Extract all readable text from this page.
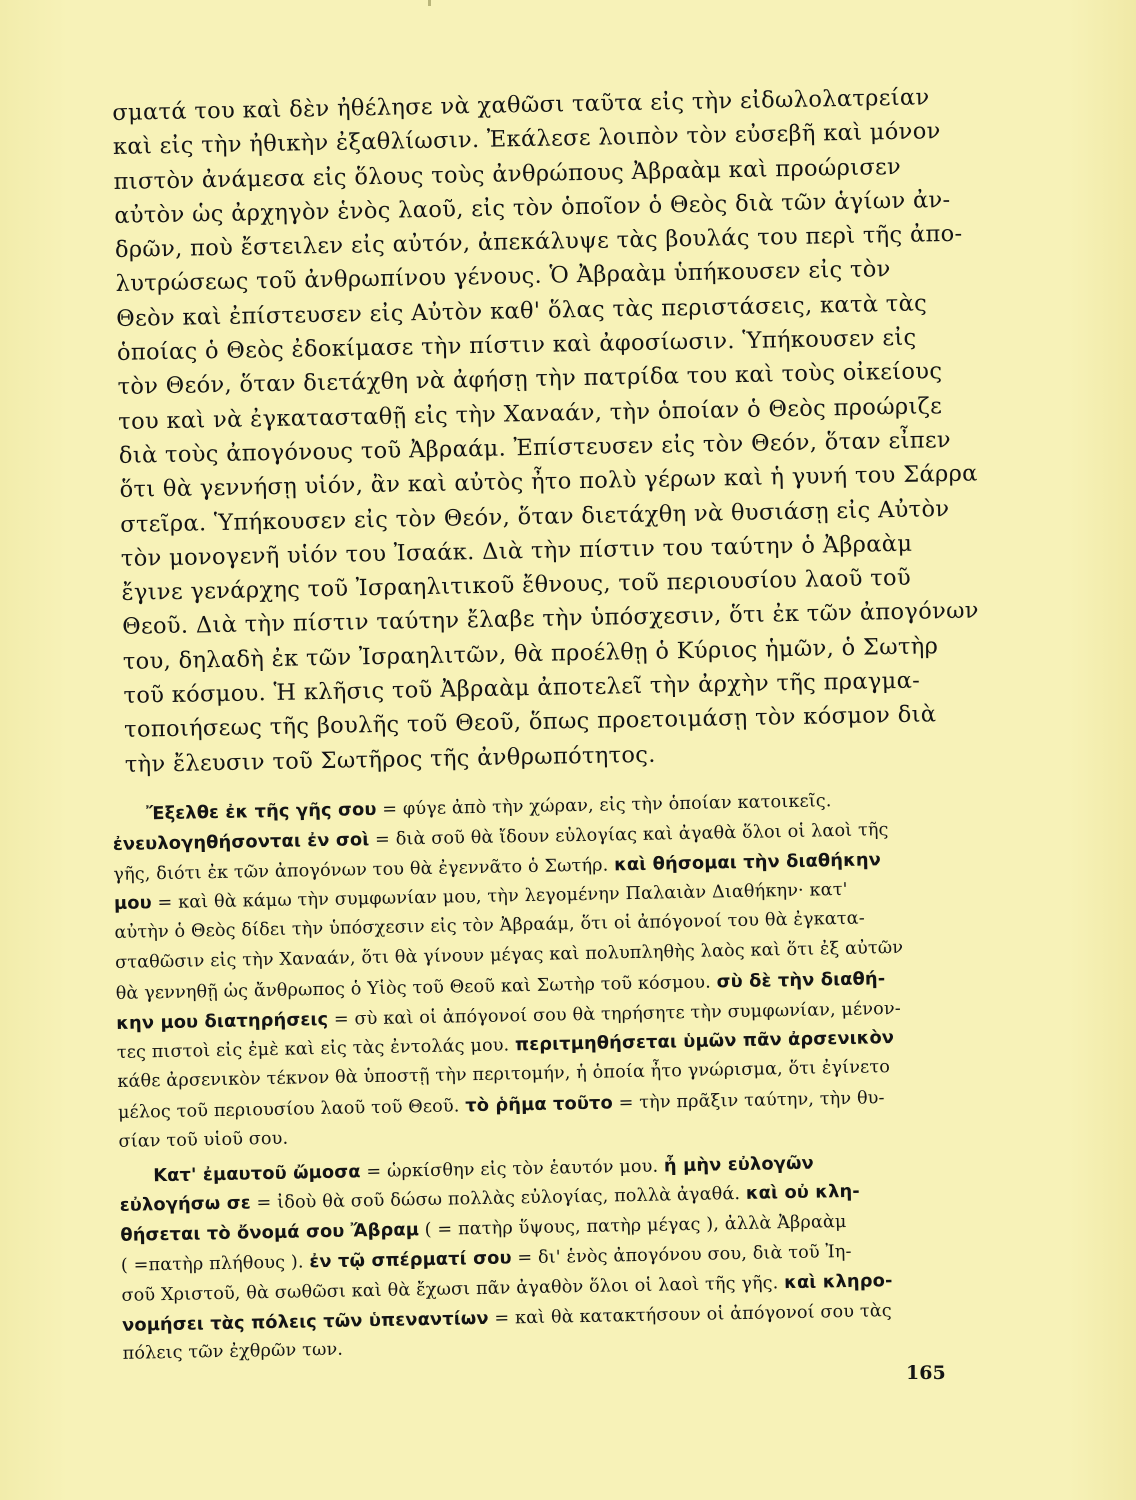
σματά του καὶ δὲν ἠθέλησε νὰ χαθῶσι ταῦτα εἰς τὴν εἰδωλολατρείαν
καὶ εἰς τὴν ἠθικὴν ἐξαθλίωσιν. Ἐκάλεσε λοιπὸν τὸν εὐσεβῆ καὶ μόνον
πιστὸν ἀνάμεσα εἰς ὅλους τοὺς ἀνθρώπους Ἀβραὰμ καὶ προώρισεν
αὐτὸν ὡς ἀρχηγὸν ἑνὸς λαοῦ, εἰς τὸν ὁποῖον ὁ Θεὸς διὰ τῶν ἁγίων ἀν-
δρῶν, ποὺ ἔστειλεν εἰς αὐτόν, ἀπεκάλυψε τὰς βουλάς του περὶ τῆς ἀπο-
λυτρώσεως τοῦ ἀνθρωπίνου γένους. Ὁ Ἀβραὰμ ὑπήκουσεν εἰς τὸν
Θεὸν καὶ ἐπίστευσεν εἰς Αὐτὸν καθ' ὅλας τὰς περιστάσεις, κατὰ τὰς
ὁποίας ὁ Θεὸς ἐδοκίμασε τὴν πίστιν καὶ ἀφοσίωσιν. Ὑπήκουσεν εἰς
τὸν Θεόν, ὅταν διετάχθη νὰ ἀφήσῃ τὴν πατρίδα του καὶ τοὺς οἰκείους
του καὶ νὰ ἐγκατασταθῇ εἰς τὴν Χαναάν, τὴν ὁποίαν ὁ Θεὸς προώριζε
διὰ τοὺς ἀπογόνους τοῦ Ἀβραάμ. Ἐπίστευσεν εἰς τὸν Θεόν, ὅταν εἶπεν
ὅτι θὰ γεννήσῃ υἱόν, ἂν καὶ αὐτὸς ἦτο πολὺ γέρων καὶ ἡ γυνή του Σάρρα
στεῖρα. Ὑπήκουσεν εἰς τὸν Θεόν, ὅταν διετάχθη νὰ θυσιάσῃ εἰς Αὐτὸν
τὸν μονογενῆ υἱόν του Ἰσαάκ. Διὰ τὴν πίστιν του ταύτην ὁ Ἀβραὰμ
ἔγινε γενάρχης τοῦ Ἰσραηλιτικοῦ ἔθνους, τοῦ περιουσίου λαοῦ τοῦ
Θεοῦ. Διὰ τὴν πίστιν ταύτην ἔλαβε τὴν ὑπόσχεσιν, ὅτι ἐκ τῶν ἀπογόνων
του, δηλαδὴ ἐκ τῶν Ἰσραηλιτῶν, θὰ προέλθῃ ὁ Κύριος ἡμῶν, ὁ Σωτὴρ
τοῦ κόσμου. Ἡ κλῆσις τοῦ Ἀβραὰμ ἀποτελεῖ τὴν ἀρχὴν τῆς πραγμα-
τοποιήσεως τῆς βουλῆς τοῦ Θεοῦ, ὅπως προετοιμάσῃ τὸν κόσμον διὰ
τὴν ἔλευσιν τοῦ Σωτῆρος τῆς ἀνθρωπότητος.
Ἔξελθε ἐκ τῆς γῆς σου = φύγε ἀπὸ τὴν χώραν, εἰς τὴν ὁποίαν κατοικεῖς.
ἐνευλογηθήσονται ἐν σοὶ = διὰ σοῦ θὰ ἴδουν εὐλογίας καὶ ἀγαθὰ ὅλοι οἱ λαοὶ τῆς
γῆς, διότι ἐκ τῶν ἀπογόνων του θὰ ἐγεννᾶτο ὁ Σωτήρ. καὶ θήσομαι τὴν διαθήκην
μου = καὶ θὰ κάμω τὴν συμφωνίαν μου, τὴν λεγομένην Παλαιὰν Διαθήκην· κατ'
αὐτὴν ὁ Θεὸς δίδει τὴν ὑπόσχεσιν εἰς τὸν Ἀβραάμ, ὅτι οἱ ἀπόγονοί του θὰ ἐγκατα-
σταθῶσιν εἰς τὴν Χαναάν, ὅτι θὰ γίνουν μέγας καὶ πολυπληθὴς λαὸς καὶ ὅτι ἐξ αὐτῶν
θὰ γεννηθῇ ὡς ἄνθρωπος ὁ Υἱὸς τοῦ Θεοῦ καὶ Σωτὴρ τοῦ κόσμου. σὺ δὲ τὴν διαθή-
κην μου διατηρήσεις = σὺ καὶ οἱ ἀπόγονοί σου θὰ τηρήσητε τὴν συμφωνίαν, μένον-
τες πιστοὶ εἰς ἐμὲ καὶ εἰς τὰς ἐντολάς μου. περιτμηθήσεται ὑμῶν πᾶν ἀρσενικὸν
κάθε ἀρσενικὸν τέκνον θὰ ὑποστῇ τὴν περιτομήν, ἡ ὁποία ἦτο γνώρισμα, ὅτι ἐγίνετο
μέλος τοῦ περιουσίου λαοῦ τοῦ Θεοῦ. τὸ ῥῆμα τοῦτο = τὴν πρᾶξιν ταύτην, τὴν θυ-
σίαν τοῦ υἱοῦ σου.
Κατ' ἐμαυτοῦ ὤμοσα = ὡρκίσθην εἰς τὸν ἑαυτόν μου. ἦ μὴν εὐλογῶν
εὐλογήσω σε = ἰδοὺ θὰ σοῦ δώσω πολλὰς εὐλογίας, πολλὰ ἀγαθά. καὶ οὐ κλη-
θήσεται τὸ ὄνομά σου Ἄβραμ ( = πατὴρ ὕψους, πατὴρ μέγας ), ἀλλὰ Ἀβραὰμ
( =πατὴρ πλήθους ). ἐν τῷ σπέρματί σου = δι' ἑνὸς ἀπογόνου σου, διὰ τοῦ Ἰη-
σοῦ Χριστοῦ, θὰ σωθῶσι καὶ θὰ ἔχωσι πᾶν ἀγαθὸν ὅλοι οἱ λαοὶ τῆς γῆς. καὶ κληρο-
νομήσει τὰς πόλεις τῶν ὑπεναντίων = καὶ θὰ κατακτήσουν οἱ ἀπόγονοί σου τὰς
πόλεις τῶν ἐχθρῶν των.
165
